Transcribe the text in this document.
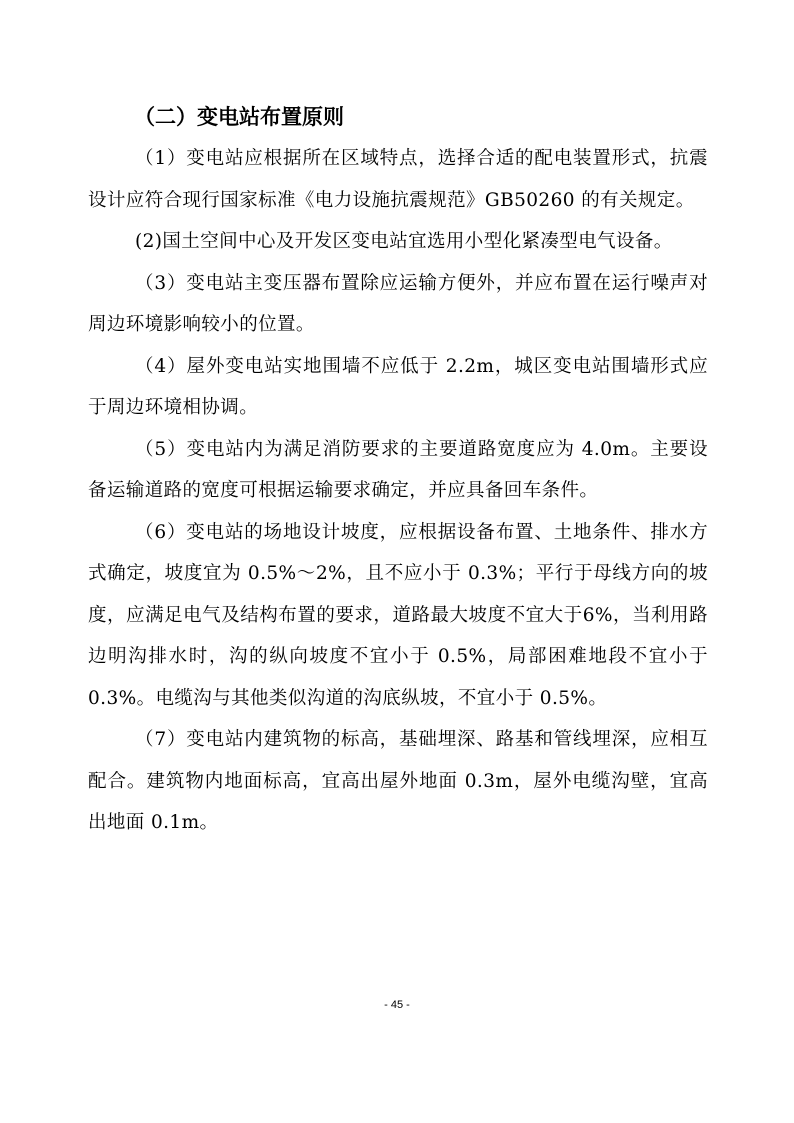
（二）变电站布置原则

（1）变电站应根据所在区域特点，选择合适的配电装置形式，抗震设计应符合现行国家标准《电力设施抗震规范》GB50260 的有关规定。

(2)国土空间中心及开发区变电站宜选用小型化紧凑型电气设备。

（3）变电站主变压器布置除应运输方便外，并应布置在运行噪声对周边环境影响较小的位置。

（4）屋外变电站实地围墙不应低于 2.2m，城区变电站围墙形式应于周边环境相协调。

（5）变电站内为满足消防要求的主要道路宽度应为 4.0m。主要设备运输道路的宽度可根据运输要求确定，并应具备回车条件。

（6）变电站的场地设计坡度，应根据设备布置、土地条件、排水方式确定，坡度宜为 0.5%～2%，且不应小于 0.3%；平行于母线方向的坡度，应满足电气及结构布置的要求，道路最大坡度不宜大于6%，当利用路边明沟排水时，沟的纵向坡度不宜小于 0.5%，局部困难地段不宜小于 0.3%。电缆沟与其他类似沟道的沟底纵坡，不宜小于 0.5%。

（7）变电站内建筑物的标高，基础埋深、路基和管线埋深，应相互配合。建筑物内地面标高，宜高出屋外地面 0.3m，屋外电缆沟壁，宜高出地面 0.1m。

- 45 -
